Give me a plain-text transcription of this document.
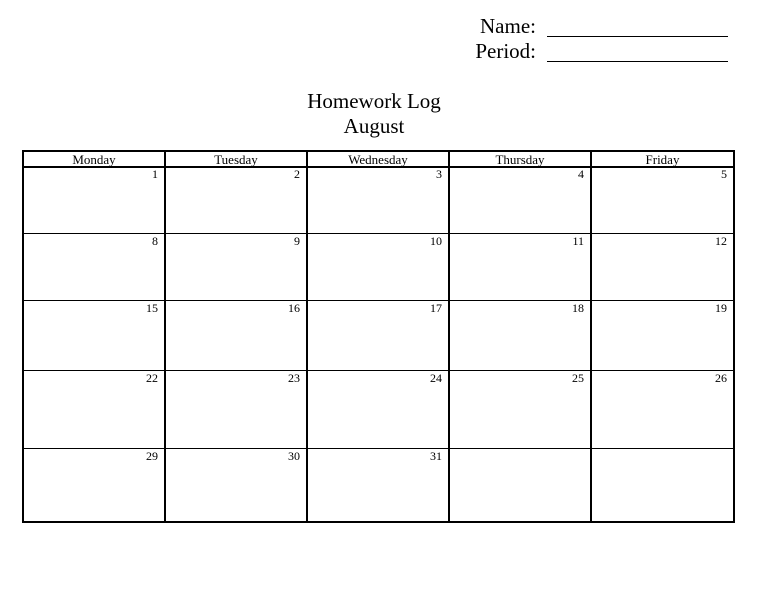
Name:
Period:
Homework Log
August
Monday	Tuesday	Wednesday	Thursday	Friday
1	2	3	4	5
8	9	10	11	12
15	16	17	18	19
22	23	24	25	26
29	30	31
